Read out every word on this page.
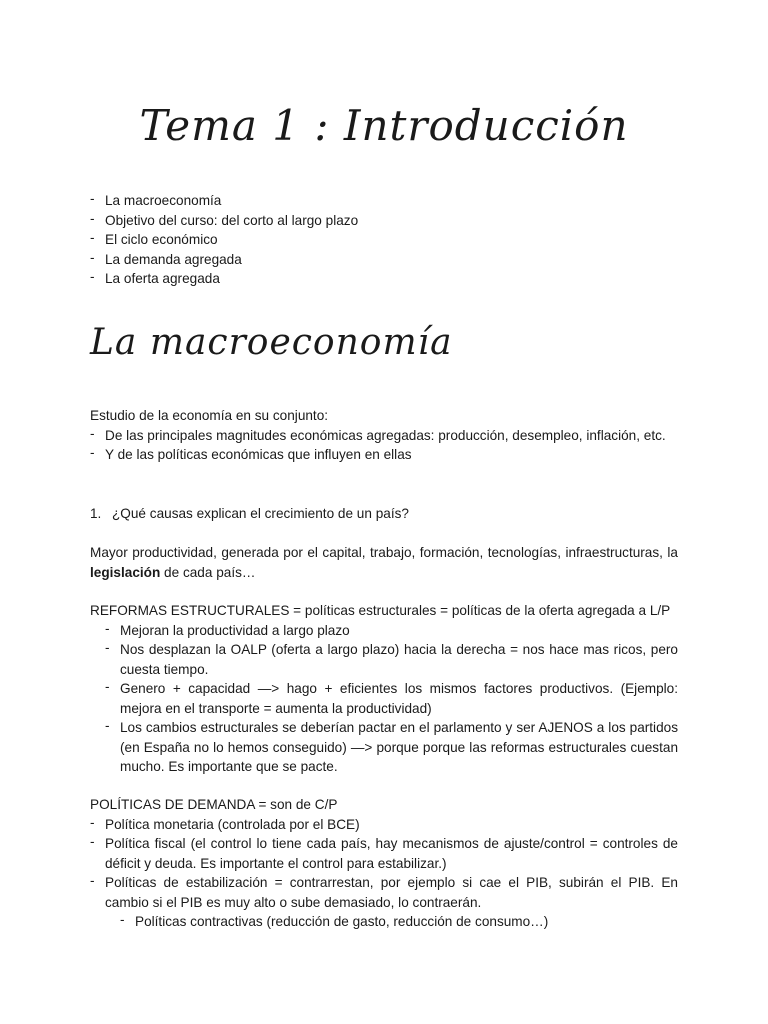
Tema 1 : Introducción
- La macroeconomía
- Objetivo del curso: del corto al largo plazo
- El ciclo económico
- La demanda agregada
- La oferta agregada
La macroeconomía

Estudio de la economía en su conjunto:

- De las principales magnitudes económicas agregadas: producción, desempleo, inflación, etc.
- Y de las políticas económicas que influyen en ellas
1. ¿Qué causas explican el crecimiento de un país?

Mayor productividad, generada por el capital, trabajo, formación, tecnologías, infraestructuras, la legislación de cada país…

REFORMAS ESTRUCTURALES = políticas estructurales = políticas de la oferta agregada a L/P

- Mejoran la productividad a largo plazo
- Nos desplazan la OALP (oferta a largo plazo) hacia la derecha = nos hace mas ricos, pero cuesta tiempo.
- Genero + capacidad —> hago + eficientes los mismos factores productivos. (Ejemplo: mejora en el transporte = aumenta la productividad)
- Los cambios estructurales se deberían pactar en el parlamento y ser AJENOS a los partidos (en España no lo hemos conseguido) —> porque porque las reformas estructurales cuestan mucho. Es importante que se pacte.

POLÍTICAS DE DEMANDA = son de C/P

- Política monetaria (controlada por el BCE)
- Política fiscal (el control lo tiene cada país, hay mecanismos de ajuste/control = controles de déficit y deuda. Es importante el control para estabilizar.)
- Políticas de estabilización = contrarrestan, por ejemplo si cae el PIB, subirán el PIB. En cambio si el PIB es muy alto o sube demasiado, lo contraerán.
- Políticas contractivas (reducción de gasto, reducción de consumo…)
